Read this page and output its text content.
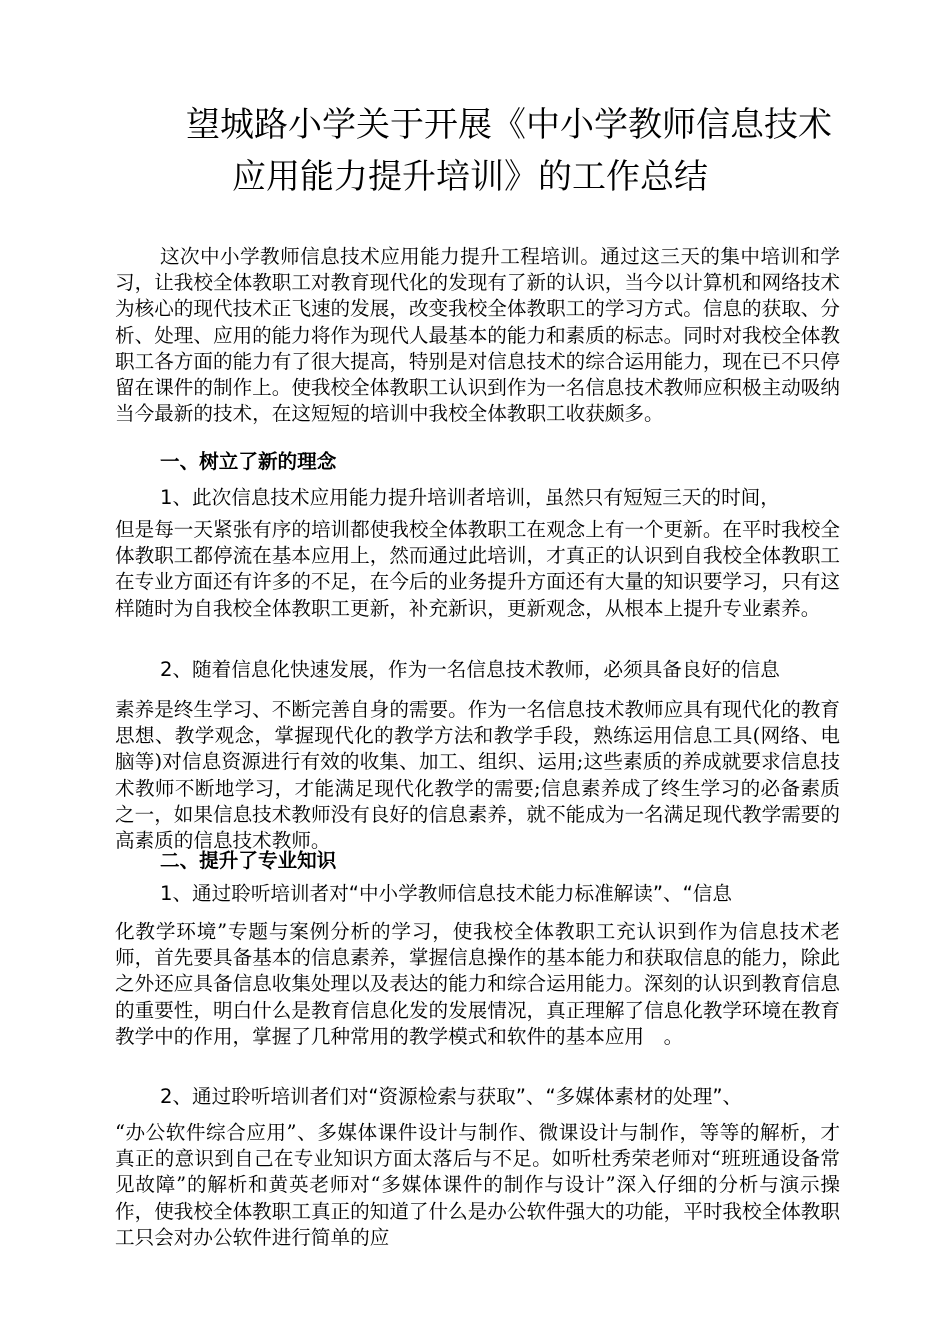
望城路小学关于开展《中小学教师信息技术
应用能力提升培训》的工作总结

这次中小学教师信息技术应用能力提升工程培训。通过这三天的集中培训和学习，让我校全体教职工对教育现代化的发现有了新的认识，当今以计算机和网络技术为核心的现代技术正飞速的发展，改变我校全体教职工的学习方式。信息的获取、分析、处理、应用的能力将作为现代人最基本的能力和素质的标志。同时对我校全体教职工各方面的能力有了很大提高，特别是对信息技术的综合运用能力，现在已不只停留在课件的制作上。使我校全体教职工认识到作为一名信息技术教师应积极主动吸纳当今最新的技术，在这短短的培训中我校全体教职工收获颇多。

一、树立了新的理念
1、此次信息技术应用能力提升培训者培训，虽然只有短短三天的时间，

但是每一天紧张有序的培训都使我校全体教职工在观念上有一个更新。在平时我校全体教职工都停流在基本应用上，然而通过此培训，才真正的认识到自我校全体教职工在专业方面还有许多的不足，在今后的业务提升方面还有大量的知识要学习，只有这样随时为自我校全体教职工更新，补充新识，更新观念，从根本上提升专业素养。

2、随着信息化快速发展，作为一名信息技术教师，必须具备良好的信息

素养是终生学习、不断完善自身的需要。作为一名信息技术教师应具有现代化的教育思想、教学观念，掌握现代化的教学方法和教学手段，熟练运用信息工具(网络、电脑等)对信息资源进行有效的收集、加工、组织、运用;这些素质的养成就要求信息技术教师不断地学习，才能满足现代化教学的需要;信息素养成了终生学习的必备素质之一，如果信息技术教师没有良好的信息素养，就不能成为一名满足现代教学需要的高素质的信息技术教师。

二、提升了专业知识
1、通过聆听培训者对“中小学教师信息技术能力标准解读”、“信息

化教学环境”专题与案例分析的学习，使我校全体教职工充认识到作为信息技术老师，首先要具备基本的信息素养，掌握信息操作的基本能力和获取信息的能力，除此之外还应具备信息收集处理以及表达的能力和综合运用能力。深刻的认识到教育信息的重要性，明白什么是教育信息化发的发展情况，真正理解了信息化教学环境在教育教学中的作用，掌握了几种常用的教学模式和软件的基本应用　。

2、通过聆听培训者们对“资源检索与获取”、“多媒体素材的处理”、

“办公软件综合应用”、多媒体课件设计与制作、微课设计与制作，等等的解析，才真正的意识到自己在专业知识方面太落后与不足。如听杜秀荣老师对“班班通设备常见故障”的解析和黄英老师对“多媒体课件的制作与设计”深入仔细的分析与演示操作，使我校全体教职工真正的知道了什么是办公软件强大的功能，平时我校全体教职工只会对办公软件进行简单的应
